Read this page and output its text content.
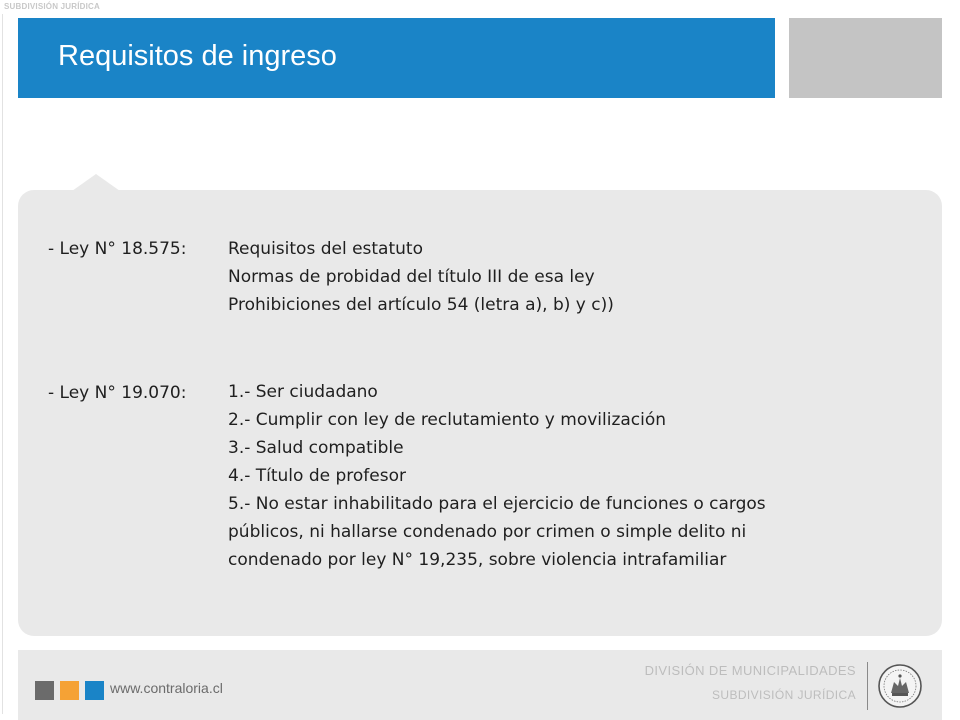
SUBDIVISIÓN JURÍDICA
Requisitos de ingreso
- Ley N° 18.575: Requisitos del estatuto
Normas de probidad del título III de esa ley
Prohibiciones del artículo 54 (letra a), b) y c))
- Ley N° 19.070: 1.- Ser ciudadano
2.- Cumplir con ley de reclutamiento y movilización
3.- Salud compatible
4.- Título de profesor
5.- No estar inhabilitado para el ejercicio de funciones o cargos
públicos, ni hallarse condenado por crimen o simple delito ni
condenado por ley N° 19,235, sobre violencia intrafamiliar
www.contraloria.cl
DIVISIÓN DE MUNICIPALIDADES
SUBDIVISIÓN JURÍDICA
